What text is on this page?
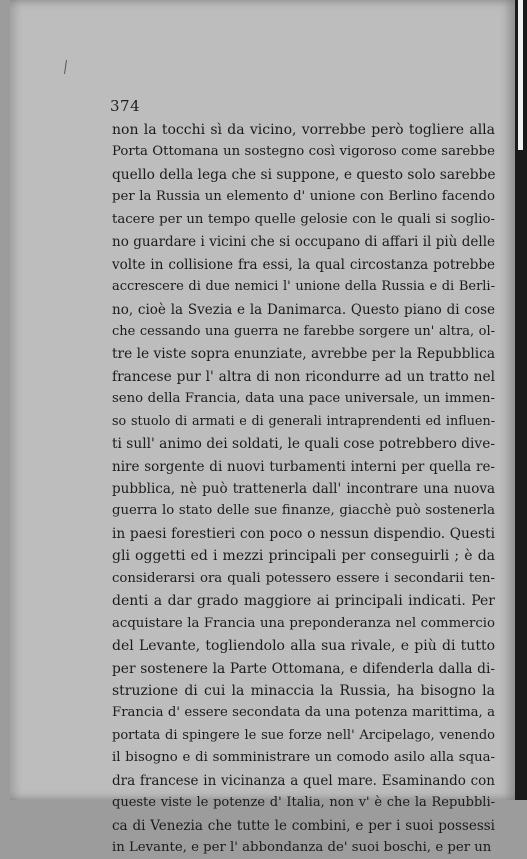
374
non la tocchi sì da vicino, vorrebbe però togliere alla
Porta Ottomana un sostegno così vigoroso come sarebbe
quello della lega che si suppone, e questo solo sarebbe
per la Russia un elemento d' unione con Berlino facendo
tacere per un tempo quelle gelosie con le quali si soglio-
no guardare i vicini che si occupano di affari il più delle
volte in collisione fra essi, la qual circostanza potrebbe
accrescere di due nemici l' unione della Russia e di Berli-
no, cioè la Svezia e la Danimarca. Questo piano di cose
che cessando una guerra ne farebbe sorgere un' altra, ol-
tre le viste sopra enunziate, avrebbe per la Repubblica
francese pur l' altra di non ricondurre ad un tratto nel
seno della Francia, data una pace universale, un immen-
so stuolo di armati e di generali intraprendenti ed influen-
ti sull' animo dei soldati, le quali cose potrebbero dive-
nire sorgente di nuovi turbamenti interni per quella re-
pubblica, nè può trattenerla dall' incontrare una nuova
guerra lo stato delle sue finanze, giacchè può sostenerla
in paesi forestieri con poco o nessun dispendio. Questi
gli oggetti ed i mezzi principali per conseguirli ; è da
considerarsi ora quali potessero essere i secondarii ten-
denti a dar grado maggiore ai principali indicati. Per
acquistare la Francia una preponderanza nel commercio
del Levante, togliendolo alla sua rivale, e più di tutto
per sostenere la Parte Ottomana, e difenderla dalla di-
struzione di cui la minaccia la Russia, ha bisogno la
Francia d' essere secondata da una potenza marittima, a
portata di spingere le sue forze nell' Arcipelago, venendo
il bisogno e di somministrare un comodo asilo alla squa-
dra francese in vicinanza a quel mare. Esaminando con
queste viste le potenze d' Italia, non v' è che la Repubbli-
ca di Venezia che tutte le combini, e per i suoi possessi
in Levante, e per l' abbondanza de' suoi boschi, e per un
